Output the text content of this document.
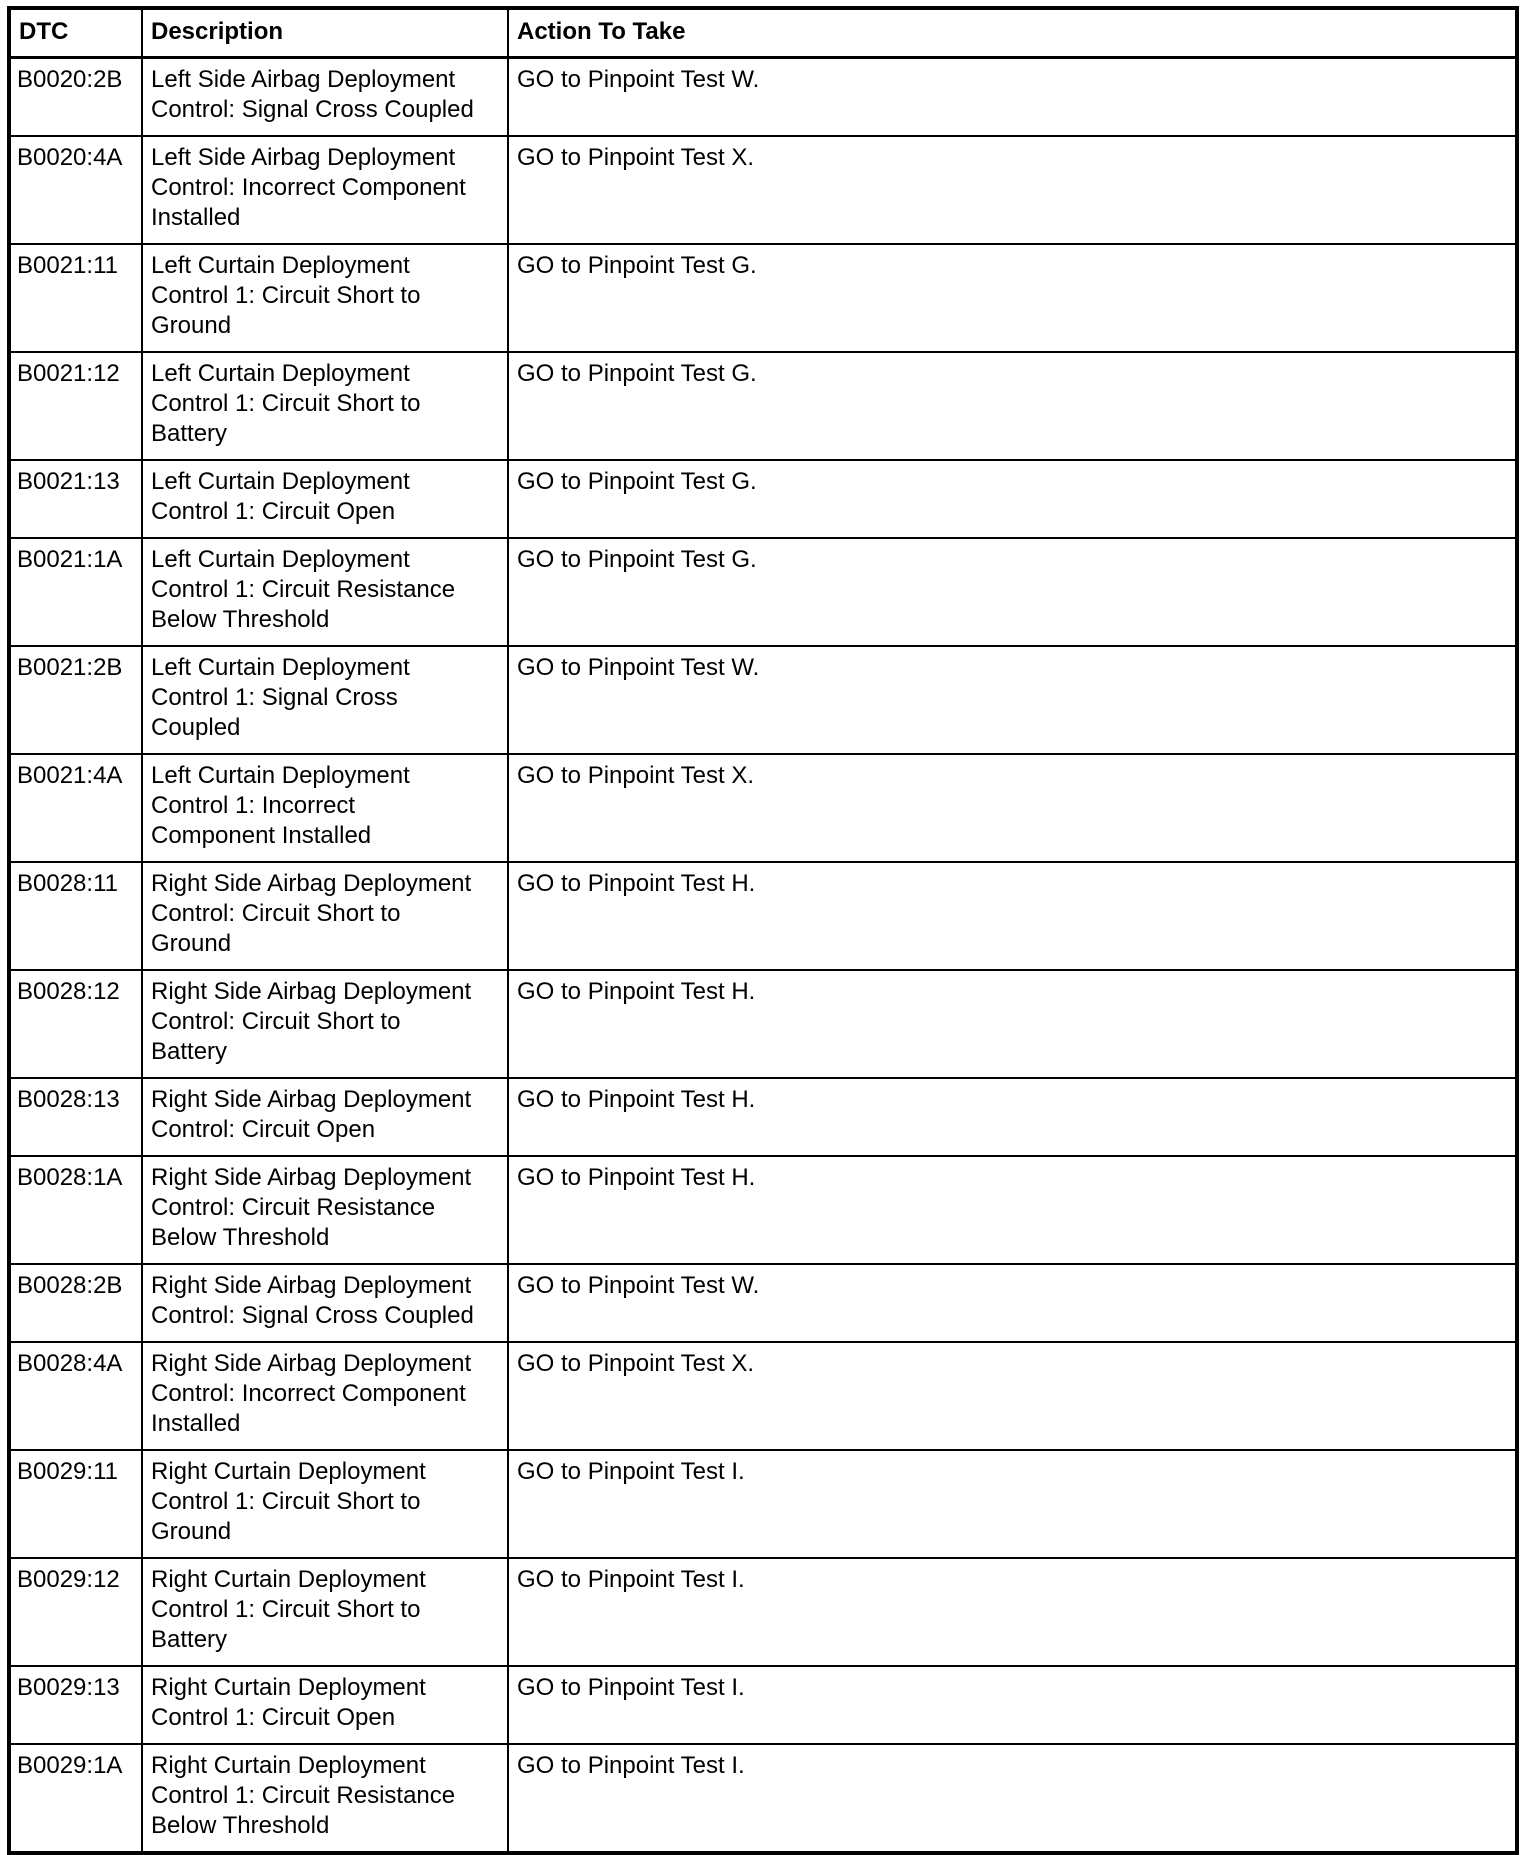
DTC	Description	Action To Take
B0020:2B	Left Side Airbag Deployment
Control: Signal Cross Coupled	GO to Pinpoint Test W.
B0020:4A	Left Side Airbag Deployment
Control: Incorrect Component
Installed	GO to Pinpoint Test X.
B0021:11	Left Curtain Deployment
Control 1: Circuit Short to
Ground	GO to Pinpoint Test G.
B0021:12	Left Curtain Deployment
Control 1: Circuit Short to
Battery	GO to Pinpoint Test G.
B0021:13	Left Curtain Deployment
Control 1: Circuit Open	GO to Pinpoint Test G.
B0021:1A	Left Curtain Deployment
Control 1: Circuit Resistance
Below Threshold	GO to Pinpoint Test G.
B0021:2B	Left Curtain Deployment
Control 1: Signal Cross
Coupled	GO to Pinpoint Test W.
B0021:4A	Left Curtain Deployment
Control 1: Incorrect
Component Installed	GO to Pinpoint Test X.
B0028:11	Right Side Airbag Deployment
Control: Circuit Short to
Ground	GO to Pinpoint Test H.
B0028:12	Right Side Airbag Deployment
Control: Circuit Short to
Battery	GO to Pinpoint Test H.
B0028:13	Right Side Airbag Deployment
Control: Circuit Open	GO to Pinpoint Test H.
B0028:1A	Right Side Airbag Deployment
Control: Circuit Resistance
Below Threshold	GO to Pinpoint Test H.
B0028:2B	Right Side Airbag Deployment
Control: Signal Cross Coupled	GO to Pinpoint Test W.
B0028:4A	Right Side Airbag Deployment
Control: Incorrect Component
Installed	GO to Pinpoint Test X.
B0029:11	Right Curtain Deployment
Control 1: Circuit Short to
Ground	GO to Pinpoint Test I.
B0029:12	Right Curtain Deployment
Control 1: Circuit Short to
Battery	GO to Pinpoint Test I.
B0029:13	Right Curtain Deployment
Control 1: Circuit Open	GO to Pinpoint Test I.
B0029:1A	Right Curtain Deployment
Control 1: Circuit Resistance
Below Threshold	GO to Pinpoint Test I.
